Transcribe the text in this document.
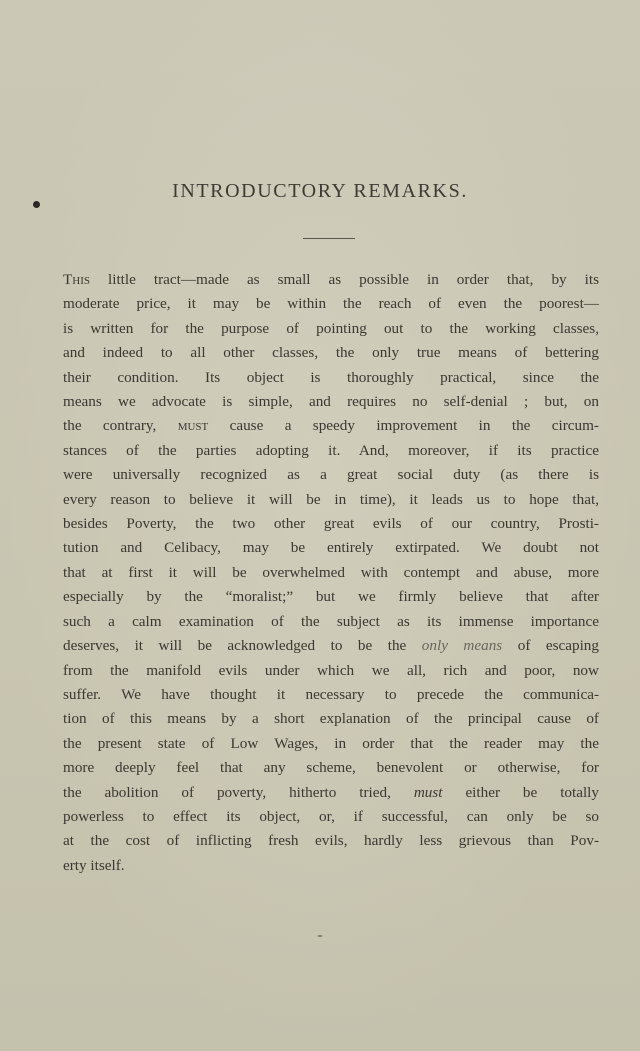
INTRODUCTORY REMARKS.

This little tract—made as small as possible in order that, by its
moderate price, it may be within the reach of even the poorest—
is written for the purpose of pointing out to the working classes,
and indeed to all other classes, the only true means of bettering
their condition. Its object is thoroughly practical, since the
means we advocate is simple, and requires no self-denial ; but, on
the contrary, must cause a speedy improvement in the circum-
stances of the parties adopting it. And, moreover, if its practice
were universally recognized as a great social duty (as there is
every reason to believe it will be in time), it leads us to hope that,
besides Poverty, the two other great evils of our country, Prosti-
tution and Celibacy, may be entirely extirpated. We doubt not
that at first it will be overwhelmed with contempt and abuse, more
especially by the “moralist;” but we firmly believe that after
such a calm examination of the subject as its immense importance
deserves, it will be acknowledged to be the only means of escaping
from the manifold evils under which we all, rich and poor, now
suffer. We have thought it necessary to precede the communica-
tion of this means by a short explanation of the principal cause of
the present state of Low Wages, in order that the reader may the
more deeply feel that any scheme, benevolent or otherwise, for
the abolition of poverty, hitherto tried, must either be totally
powerless to effect its object, or, if successful, can only be so
at the cost of inflicting fresh evils, hardly less grievous than Pov-
erty itself.
